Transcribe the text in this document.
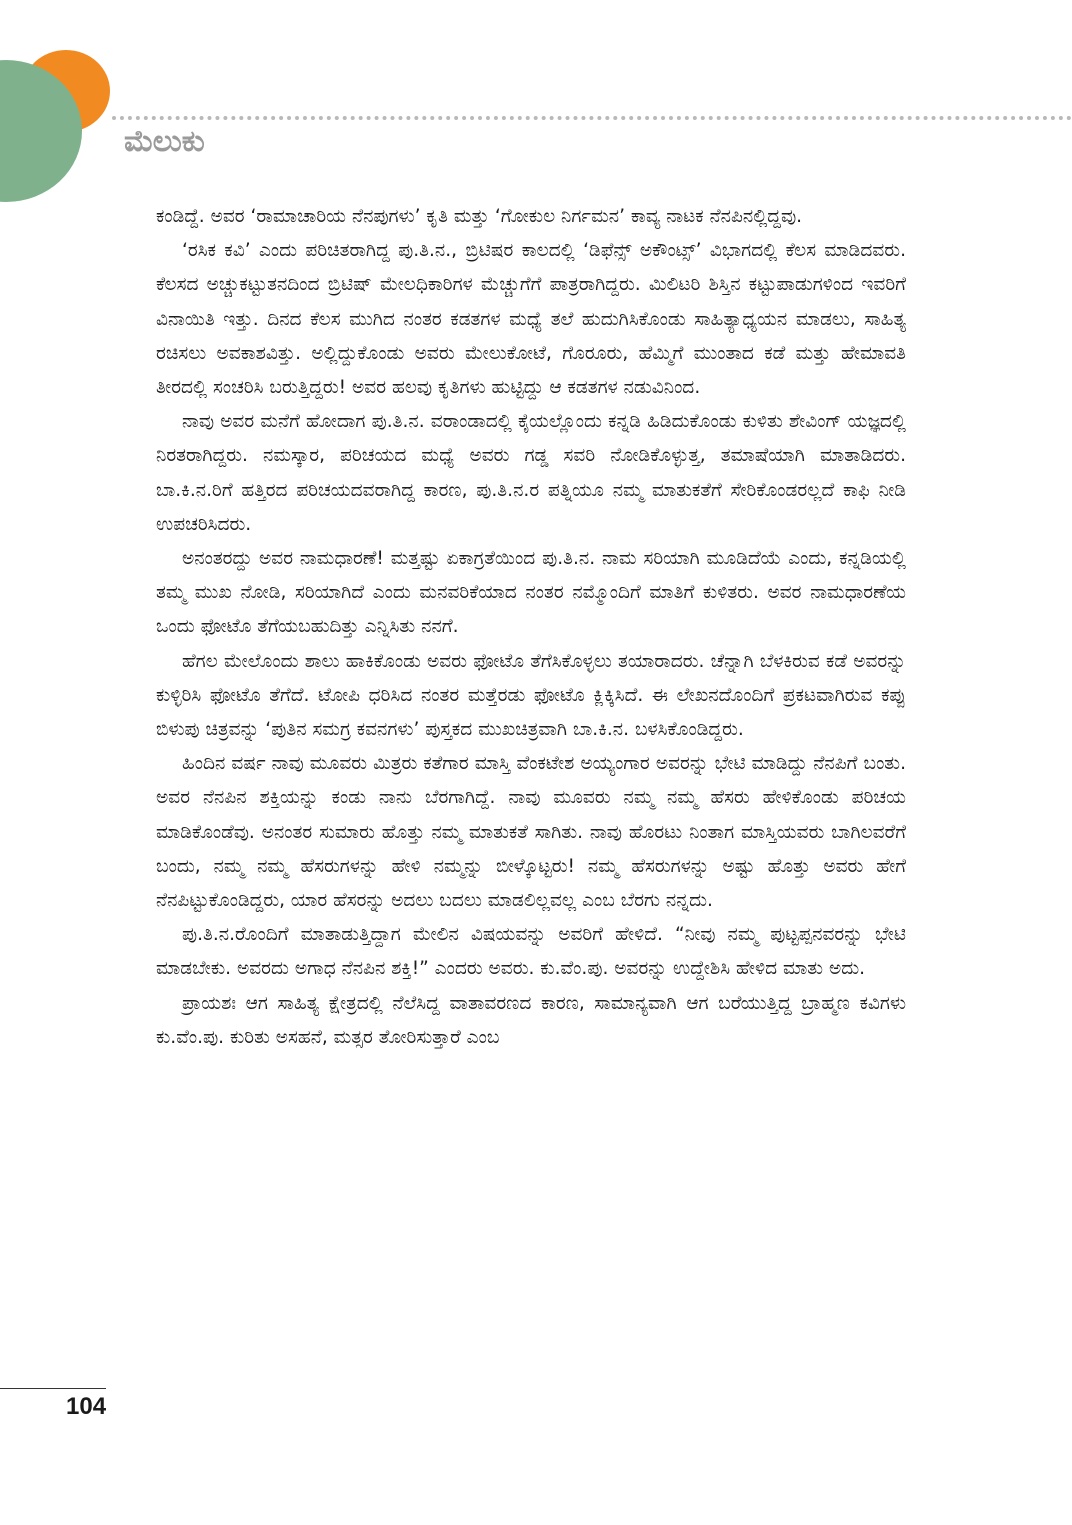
ಮೆಲುಕು

ಕಂಡಿದ್ದೆ. ಅವರ ‘ರಾಮಾಚಾರಿಯ ನೆನಪುಗಳು’ ಕೃತಿ ಮತ್ತು ‘ಗೋಕುಲ ನಿರ್ಗಮನ’ ಕಾವ್ಯ ನಾಟಕ ನೆನಪಿನಲ್ಲಿದ್ದವು.

‘ರಸಿಕ ಕವಿ’ ಎಂದು ಪರಿಚಿತರಾಗಿದ್ದ ಪು.ತಿ.ನ., ಬ್ರಿಟಿಷರ ಕಾಲದಲ್ಲಿ ‘ಡಿಫೆನ್ಸ್ ಅಕೌಂಟ್ಸ್’ ವಿಭಾಗದಲ್ಲಿ ಕೆಲಸ ಮಾಡಿದವರು. ಕೆಲಸದ ಅಚ್ಚುಕಟ್ಟುತನದಿಂದ ಬ್ರಿಟಿಷ್ ಮೇಲಧಿಕಾರಿಗಳ ಮೆಚ್ಚುಗೆಗೆ ಪಾತ್ರರಾಗಿದ್ದರು. ಮಿಲಿಟರಿ ಶಿಸ್ತಿನ ಕಟ್ಟುಪಾಡುಗಳಿಂದ ಇವರಿಗೆ ವಿನಾಯಿತಿ ಇತ್ತು. ದಿನದ ಕೆಲಸ ಮುಗಿದ ನಂತರ ಕಡತಗಳ ಮಧ್ಯೆ ತಲೆ ಹುದುಗಿಸಿಕೊಂಡು ಸಾಹಿತ್ಯಾಧ್ಯಯನ ಮಾಡಲು, ಸಾಹಿತ್ಯ ರಚಿಸಲು ಅವಕಾಶವಿತ್ತು. ಅಲ್ಲಿದ್ದುಕೊಂಡು ಅವರು ಮೇಲುಕೋಟೆ, ಗೊರೂರು, ಹೆಮ್ಮಿಗೆ ಮುಂತಾದ ಕಡೆ ಮತ್ತು ಹೇಮಾವತಿ ತೀರದಲ್ಲಿ ಸಂಚರಿಸಿ ಬರುತ್ತಿದ್ದರು! ಅವರ ಹಲವು ಕೃತಿಗಳು ಹುಟ್ಟಿದ್ದು ಆ ಕಡತಗಳ ನಡುವಿನಿಂದ.

ನಾವು ಅವರ ಮನೆಗೆ ಹೋದಾಗ ಪು.ತಿ.ನ. ವರಾಂಡಾದಲ್ಲಿ ಕೈಯಲ್ಲೊಂದು ಕನ್ನಡಿ ಹಿಡಿದುಕೊಂಡು ಕುಳಿತು ಶೇವಿಂಗ್ ಯಜ್ಞದಲ್ಲಿ ನಿರತರಾಗಿದ್ದರು. ನಮಸ್ಕಾರ, ಪರಿಚಯದ ಮಧ್ಯೆ ಅವರು ಗಡ್ಡ ಸವರಿ ನೋಡಿಕೊಳ್ಳುತ್ತ, ತಮಾಷೆಯಾಗಿ ಮಾತಾಡಿದರು. ಬಾ.ಕಿ.ನ.ರಿಗೆ ಹತ್ತಿರದ ಪರಿಚಯದವರಾಗಿದ್ದ ಕಾರಣ, ಪು.ತಿ.ನ.ರ ಪತ್ನಿಯೂ ನಮ್ಮ ಮಾತುಕತೆಗೆ ಸೇರಿಕೊಂಡರಲ್ಲದೆ ಕಾಫಿ ನೀಡಿ ಉಪಚರಿಸಿದರು.

ಅನಂತರದ್ದು ಅವರ ನಾಮಧಾರಣೆ! ಮತ್ತಷ್ಟು ಏಕಾಗ್ರತೆಯಿಂದ ಪು.ತಿ.ನ. ನಾಮ ಸರಿಯಾಗಿ ಮೂಡಿದೆಯೆ ಎಂದು, ಕನ್ನಡಿಯಲ್ಲಿ ತಮ್ಮ ಮುಖ ನೋಡಿ, ಸರಿಯಾಗಿದೆ ಎಂದು ಮನವರಿಕೆಯಾದ ನಂತರ ನಮ್ಮೊಂದಿಗೆ ಮಾತಿಗೆ ಕುಳಿತರು. ಅವರ ನಾಮಧಾರಣೆಯ ಒಂದು ಫೋಟೊ ತೆಗೆಯಬಹುದಿತ್ತು ಎನ್ನಿಸಿತು ನನಗೆ.

ಹೆಗಲ ಮೇಲೊಂದು ಶಾಲು ಹಾಕಿಕೊಂಡು ಅವರು ಫೋಟೊ ತೆಗೆಸಿಕೊಳ್ಳಲು ತಯಾರಾದರು. ಚೆನ್ನಾಗಿ ಬೆಳಕಿರುವ ಕಡೆ ಅವರನ್ನು ಕುಳ್ಳಿರಿಸಿ ಫೋಟೊ ತೆಗೆದೆ. ಟೋಪಿ ಧರಿಸಿದ ನಂತರ ಮತ್ತೆರಡು ಫೋಟೊ ಕ್ಲಿಕ್ಕಿಸಿದೆ. ಈ ಲೇಖನದೊಂದಿಗೆ ಪ್ರಕಟವಾಗಿರುವ ಕಪ್ಪು ಬಿಳುಪು ಚಿತ್ರವನ್ನು ‘ಪುತಿನ ಸಮಗ್ರ ಕವನಗಳು’ ಪುಸ್ತಕದ ಮುಖಚಿತ್ರವಾಗಿ ಬಾ.ಕಿ.ನ. ಬಳಸಿಕೊಂಡಿದ್ದರು.

ಹಿಂದಿನ ವರ್ಷ ನಾವು ಮೂವರು ಮಿತ್ರರು ಕತೆಗಾರ ಮಾಸ್ತಿ ವೆಂಕಟೇಶ ಅಯ್ಯಂಗಾರ ಅವರನ್ನು ಭೇಟಿ ಮಾಡಿದ್ದು ನೆನಪಿಗೆ ಬಂತು. ಅವರ ನೆನಪಿನ ಶಕ್ತಿಯನ್ನು ಕಂಡು ನಾನು ಬೆರಗಾಗಿದ್ದೆ. ನಾವು ಮೂವರು ನಮ್ಮ ನಮ್ಮ ಹೆಸರು ಹೇಳಿಕೊಂಡು ಪರಿಚಯ ಮಾಡಿಕೊಂಡೆವು. ಅನಂತರ ಸುಮಾರು ಹೊತ್ತು ನಮ್ಮ ಮಾತುಕತೆ ಸಾಗಿತು. ನಾವು ಹೊರಟು ನಿಂತಾಗ ಮಾಸ್ತಿಯವರು ಬಾಗಿಲವರೆಗೆ ಬಂದು, ನಮ್ಮ ನಮ್ಮ ಹೆಸರುಗಳನ್ನು ಹೇಳಿ ನಮ್ಮನ್ನು ಬೀಳ್ಕೊಟ್ಟರು! ನಮ್ಮ ಹೆಸರುಗಳನ್ನು ಅಷ್ಟು ಹೊತ್ತು ಅವರು ಹೇಗೆ ನೆನಪಿಟ್ಟುಕೊಂಡಿದ್ದರು, ಯಾರ ಹೆಸರನ್ನು ಅದಲು ಬದಲು ಮಾಡಲಿಲ್ಲವಲ್ಲ ಎಂಬ ಬೆರಗು ನನ್ನದು.

ಪು.ತಿ.ನ.ರೊಂದಿಗೆ ಮಾತಾಡುತ್ತಿದ್ದಾಗ ಮೇಲಿನ ವಿಷಯವನ್ನು ಅವರಿಗೆ ಹೇಳಿದೆ. “ನೀವು ನಮ್ಮ ಪುಟ್ಟಪ್ಪನವರನ್ನು ಭೇಟಿ ಮಾಡಬೇಕು. ಅವರದು ಅಗಾಧ ನೆನಪಿನ ಶಕ್ತಿ!” ಎಂದರು ಅವರು. ಕು.ವೆಂ.ಪು. ಅವರನ್ನು ಉದ್ದೇಶಿಸಿ ಹೇಳಿದ ಮಾತು ಅದು.

ಪ್ರಾಯಶಃ ಆಗ ಸಾಹಿತ್ಯ ಕ್ಷೇತ್ರದಲ್ಲಿ ನೆಲೆಸಿದ್ದ ವಾತಾವರಣದ ಕಾರಣ, ಸಾಮಾನ್ಯವಾಗಿ ಆಗ ಬರೆಯುತ್ತಿದ್ದ ಬ್ರಾಹ್ಮಣ ಕವಿಗಳು ಕು.ವೆಂ.ಪು. ಕುರಿತು ಅಸಹನೆ, ಮತ್ಸರ ತೋರಿಸುತ್ತಾರೆ ಎಂಬ

104
